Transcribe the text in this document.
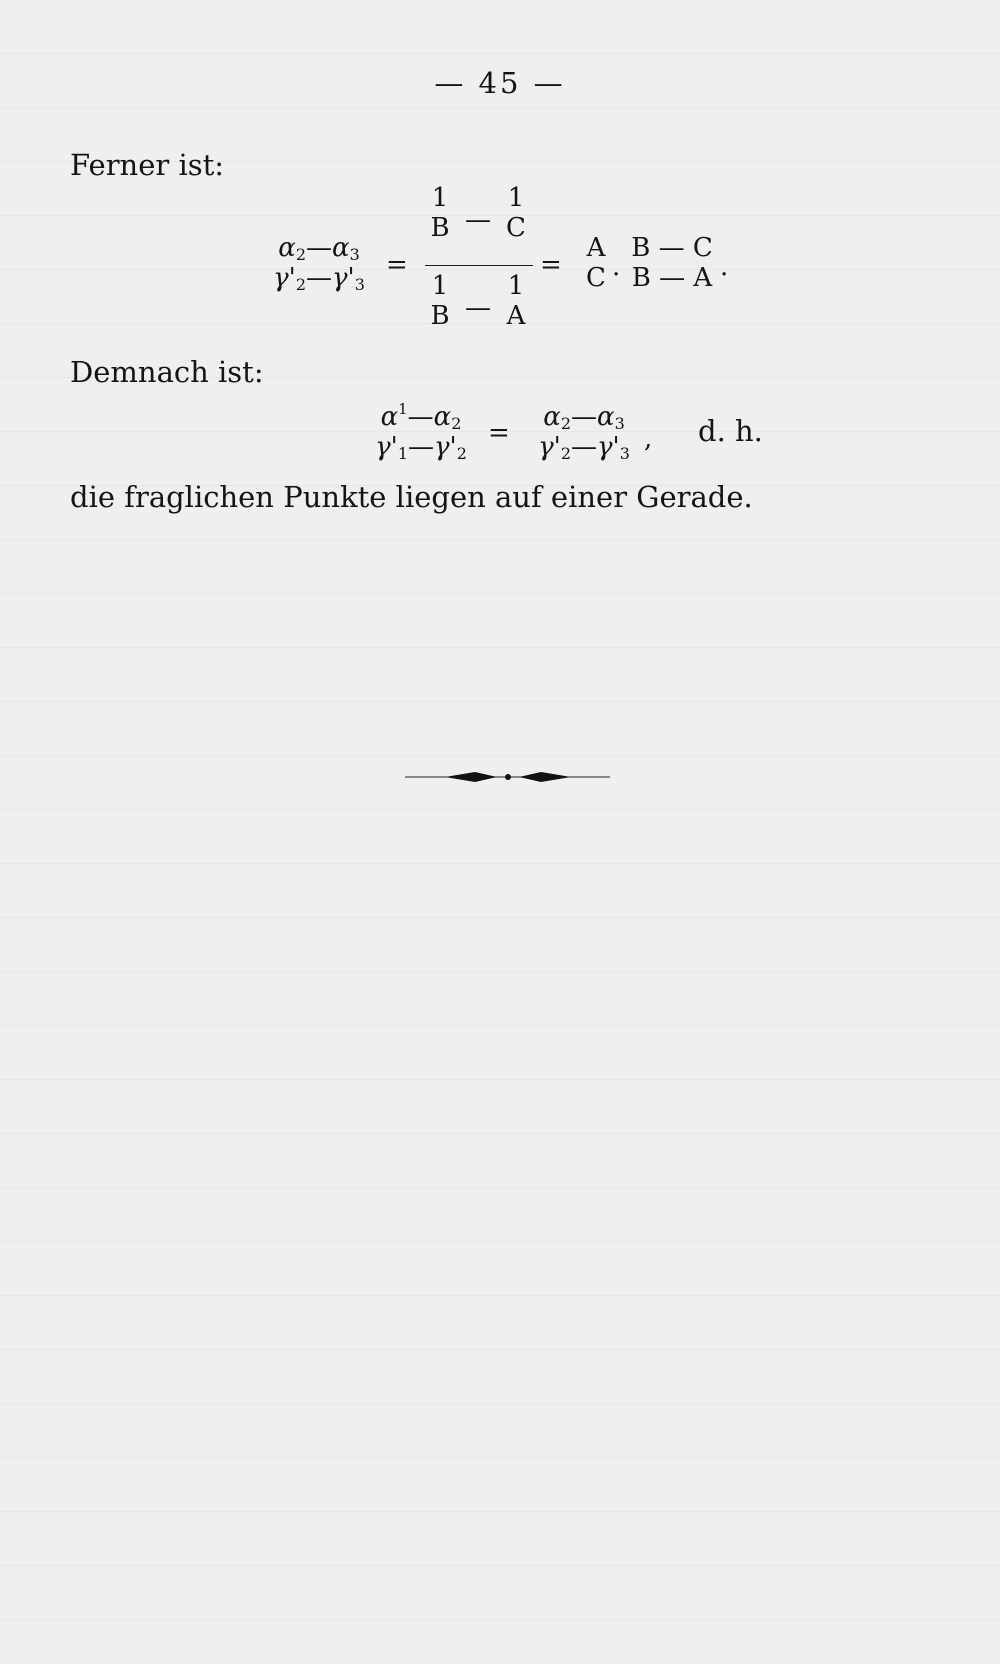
— 45 —
Ferner ist:
α2—α3
γ'2—γ'3
=
1
B —
1
C
1
B —
1
A
=
A
C .
B — C
B — A .
Demnach ist:
$\alpha^1—\alpha 2$
γ'1—γ'2
=
α2—α3
γ'2—γ'3 , d. h.
die fraglichen Punkte liegen auf einer Gerade.
